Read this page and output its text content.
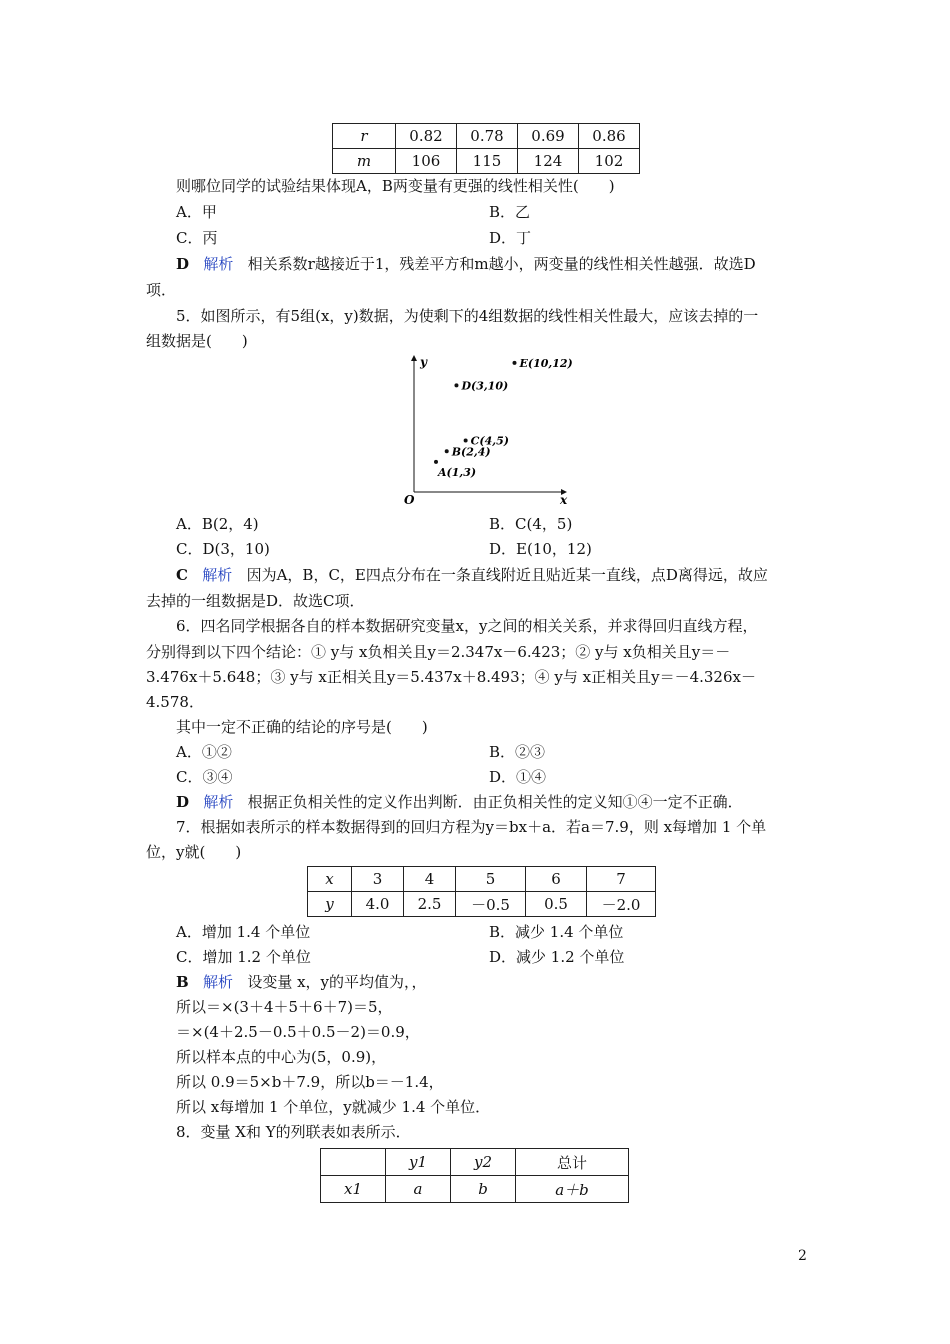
r	0.82	0.78	0.69	0.86
m	106	115	124	102
则哪位同学的试验结果体现A，B两变量有更强的线性相关性(　　)
A．甲	B．乙
C．丙	D．丁
D 解析 相关系数r越接近于1，残差平方和m越小，两变量的线性相关性越强．故选D
项．
5．如图所示，有5组(x，y)数据，为使剩下的4组数据的线性相关性最大，应该去掉的一
组数据是(　　)
O	x
y
A(1,3)
B(2,4)
C(4,5)
D(3,10)
E(10,12)
A．B(2，4)	B．C(4，5)
C．D(3，10)	D．E(10，12)
C 解析 因为A，B，C，E四点分布在一条直线附近且贴近某一直线，点D离得远，故应
去掉的一组数据是D．故选C项．
6．四名同学根据各自的样本数据研究变量x，y之间的相关关系，并求得回归直线方程，
分别得到以下四个结论：① y与 x负相关且y＝2.347x－6.423；② y与 x负相关且y＝－
3.476x＋5.648；③ y与 x正相关且y＝5.437x＋8.493；④ y与 x正相关且y＝－4.326x－
4.578．
其中一定不正确的结论的序号是(　　)
A．①②	B．②③
C．③④	D．①④
D 解析 根据正负相关性的定义作出判断．由正负相关性的定义知①④一定不正确．
7．根据如表所示的样本数据得到的回归方程为y＝bx＋a．若a＝7.9，则 x每增加 1 个单
位，y就(　　)
x	3	4	5	6	7
y	4.0	2.5	－0.5	0.5	－2.0
A．增加 1.4 个单位	B．减少 1.4 个单位
C．增加 1.2 个单位	D．减少 1.2 个单位
B 解析 设变量 x，y的平均值为，，
所以＝×(3＋4＋5＋6＋7)＝5，
＝×(4＋2.5－0.5＋0.5－2)＝0.9，
所以样本点的中心为(5，0.9)，
所以 0.9＝5×b＋7.9，所以b＝－1.4，
所以 x每增加 1 个单位，y就减少 1.4 个单位．
8．变量 X和 Y的列联表如表所示．
	y1	y2	总计
x1	a	b	a＋b
2
